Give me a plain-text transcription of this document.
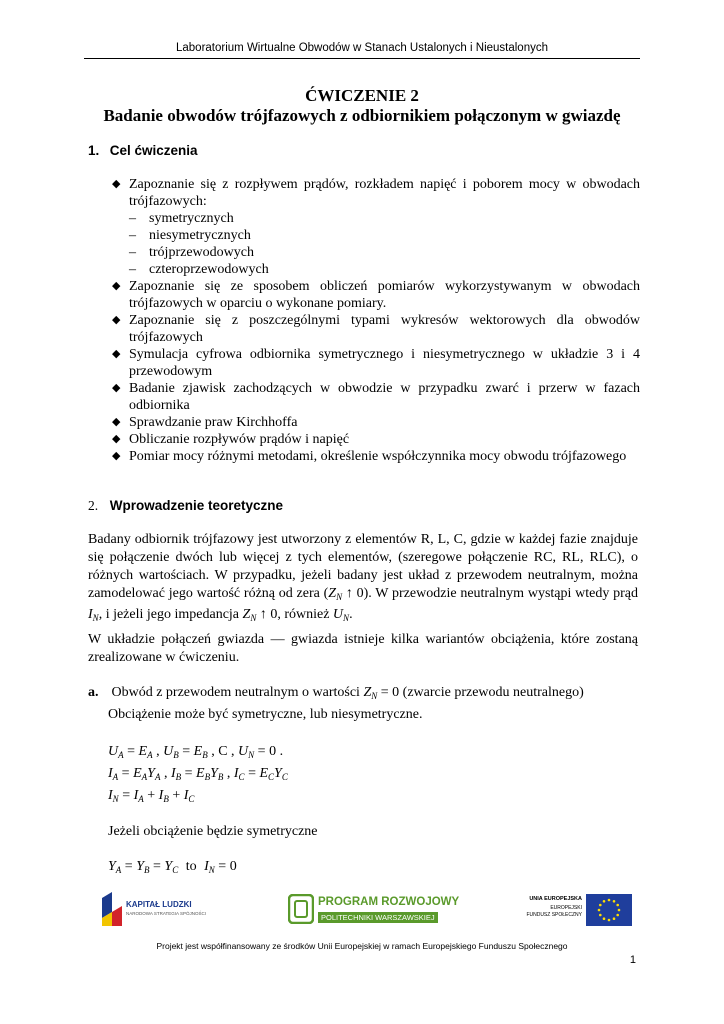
Laboratorium Wirtualne Obwodów w Stanach Ustalonych i Nieustalonych
ĆWICZENIE 2
Badanie obwodów trójfazowych z odbiornikiem połączonym w gwiazdę
1. Cel ćwiczenia
◆ Zapoznanie się z rozpływem prądów, rozkładem napięć i poborem mocy w obwodach trójfazowych:
– symetrycznych
– niesymetrycznych
– trójprzewodowych
– czteroprzewodowych
◆ Zapoznanie się ze sposobem obliczeń pomiarów wykorzystywanym w obwodach trójfazowych w oparciu o wykonane pomiary.
◆ Zapoznanie się z poszczególnymi typami wykresów wektorowych dla obwodów trójfazowych
◆ Symulacja cyfrowa odbiornika symetrycznego i niesymetrycznego w układzie 3 i 4 przewodowym
◆ Badanie zjawisk zachodzących w obwodzie w przypadku zwarć i przerw w fazach odbiornika
◆ Sprawdzanie praw Kirchhoffa
◆ Obliczanie rozpływów prądów i napięć
◆ Pomiar mocy różnymi metodami, określenie współczynnika mocy obwodu trójfazowego
2. Wprowadzenie teoretyczne
Badany odbiornik trójfazowy jest utworzony z elementów R, L, C, gdzie w każdej fazie znajduje się połączenie dwóch lub więcej z tych elementów, (szeregowe połączenie RC, RL, RLC), o różnych wartościach. W przypadku, jeżeli badany jest układ z przewodem neutralnym, można zamodelować jego wartość różną od zera ($Z_N$ ↑ 0). W przewodzie neutralnym wystąpi wtedy prąd $I_N$, i jeżeli jego impedancja $Z_N$ ↑ 0, również $U_N$.
W układzie połączeń gwiazda — gwiazda istnieje kilka wariantów obciążenia, które zostaną zrealizowane w ćwiczeniu.
a. Obwód z przewodem neutralnym o wartości $Z_N = 0$ (zwarcie przewodu neutralnego)
Obciążenie może być symetryczne, lub niesymetryczne.
$U_A = E_A$ , $U_B = E_B$ , C , $U_N = 0$ .
$I_A = E_AY_A$ , $I_B = E_BY_B$ , $I_C = E_CY_C$
$I_N = I_A + I_B + I_C$
Jeżeli obciążenie będzie symetryczne
$Y_A = Y_B = Y_C$ to $I_N = 0$
KAPITAŁ LUDZKI
NARODOWA STRATEGIA SPÓJNOŚCI
PROGRAM ROZWOJOWY
POLITECHNIKI WARSZAWSKIEJ
UNIA EUROPEJSKA
EUROPEJSKI
FUNDUSZ SPOŁECZNY
Projekt jest współfinansowany ze środków Unii Europejskiej w ramach Europejskiego Funduszu Społecznego
1
